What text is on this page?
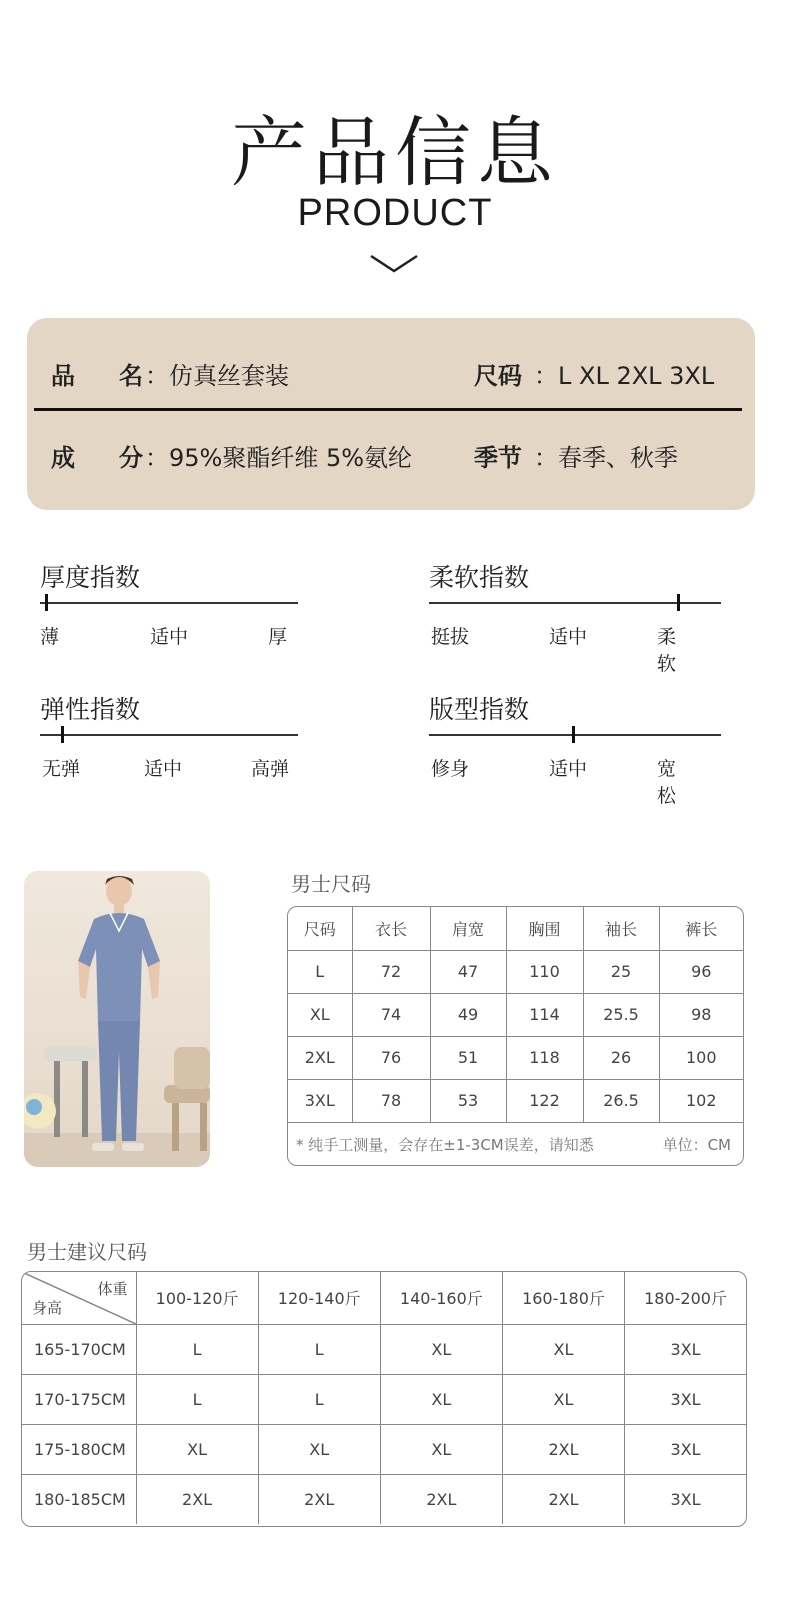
产品信息
PRODUCT
品 名 ：仿真丝套装	尺码 ：L XL 2XL 3XL
成 分 ：95%聚酯纤维 5%氨纶	季节 ：春季、秋季
厚度指数
薄	适中	厚
柔软指数
挺拔	适中	柔软
弹性指数
无弹	适中	高弹
版型指数
修身	适中	宽松
男士尺码
尺码	衣长	肩宽	胸围	袖长	裤长
L	72	47	110	25	96
XL	74	49	114	25.5	98
2XL	76	51	118	26	100
3XL	78	53	122	26.5	102
* 纯手工测量，会存在±1-3CM误差，请知悉	单位：CM
男士建议尺码
体重
身高	100-120斤	120-140斤	140-160斤	160-180斤	180-200斤
165-170CM	L	L	XL	XL	3XL
170-175CM	L	L	XL	XL	3XL
175-180CM	XL	XL	XL	2XL	3XL
180-185CM	2XL	2XL	2XL	2XL	3XL
